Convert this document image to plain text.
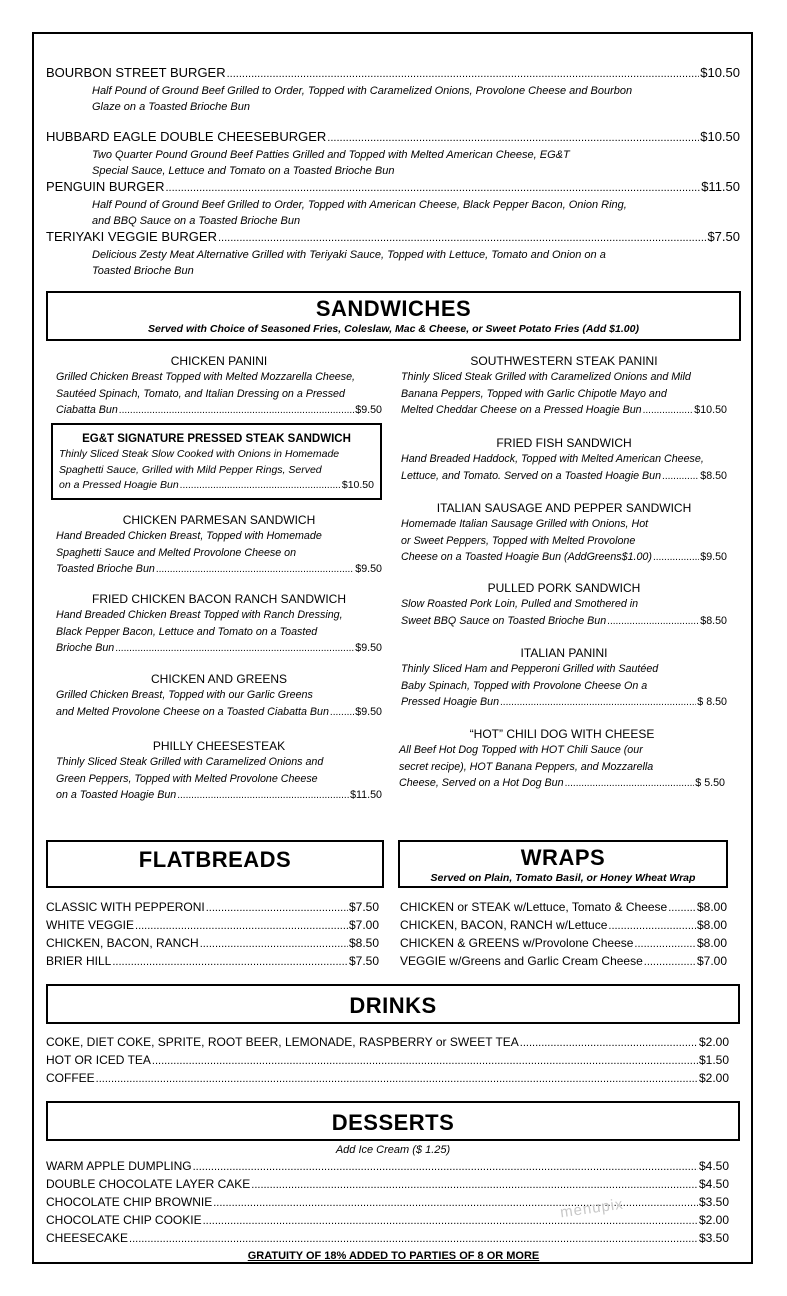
BOURBON STREET BURGER .....	$10.50
Half Pound of Ground Beef Grilled to Order, Topped with Caramelized Onions, Provolone Cheese and Bourbon
Glaze on a Toasted Brioche Bun
HUBBARD EAGLE DOUBLE CHEESEBURGER .....	$10.50
Two Quarter Pound Ground Beef Patties Grilled and Topped with Melted American Cheese, EG&T
Special Sauce, Lettuce and Tomato on a Toasted Brioche Bun
PENGUIN BURGER .....	$11.50
Half Pound of Ground Beef Grilled to Order, Topped with American Cheese, Black Pepper Bacon, Onion Ring,
and BBQ Sauce on a Toasted Brioche Bun
TERIYAKI VEGGIE BURGER .....	$7.50
Delicious Zesty Meat Alternative Grilled with Teriyaki Sauce, Topped with Lettuce, Tomato and Onion on a
Toasted Brioche Bun
SANDWICHES
Served with Choice of Seasoned Fries, Coleslaw, Mac & Cheese, or Sweet Potato Fries (Add $1.00)
CHICKEN PANINI
Grilled Chicken Breast Topped with Melted Mozzarella Cheese,
Sautéed Spinach, Tomato, and Italian Dressing on a Pressed
Ciabatta Bun .....	$9.50
EG&T SIGNATURE PRESSED STEAK SANDWICH
Thinly Sliced Steak Slow Cooked with Onions in Homemade
Spaghetti Sauce, Grilled with Mild Pepper Rings, Served
on a Pressed Hoagie Bun .....	$10.50
CHICKEN PARMESAN SANDWICH
Hand Breaded Chicken Breast, Topped with Homemade
Spaghetti Sauce and Melted Provolone Cheese on
Toasted Brioche Bun .....	$9.50
FRIED CHICKEN BACON RANCH SANDWICH
Hand Breaded Chicken Breast Topped with Ranch Dressing,
Black Pepper Bacon, Lettuce and Tomato on a Toasted
Brioche Bun .....	$9.50
CHICKEN AND GREENS
Grilled Chicken Breast, Topped with our Garlic Greens
and Melted Provolone Cheese on a Toasted Ciabatta Bun ..... $9.50
PHILLY CHEESESTEAK
Thinly Sliced Steak Grilled with Caramelized Onions and
Green Peppers, Topped with Melted Provolone Cheese
on a Toasted Hoagie Bun .....	$11.50
SOUTHWESTERN STEAK PANINI
Thinly Sliced Steak Grilled with Caramelized Onions and Mild
Banana Peppers, Topped with Garlic Chipotle Mayo and
Melted Cheddar Cheese on a Pressed Hoagie Bun .....	$10.50
FRIED FISH SANDWICH
Hand Breaded Haddock, Topped with Melted American Cheese,
Lettuce, and Tomato. Served on a Toasted Hoagie Bun .....	$8.50
ITALIAN SAUSAGE AND PEPPER SANDWICH
Homemade Italian Sausage Grilled with Onions, Hot
or Sweet Peppers, Topped with Melted Provolone
Cheese on a Toasted Hoagie Bun (AddGreens$1.00) .....	$9.50
PULLED PORK SANDWICH
Slow Roasted Pork Loin, Pulled and Smothered in
Sweet BBQ Sauce on Toasted Brioche Bun .....	$8.50
ITALIAN PANINI
Thinly Sliced Ham and Pepperoni Grilled with Sautéed
Baby Spinach, Topped with Provolone Cheese On a
Pressed Hoagie Bun .....	$ 8.50
“HOT” CHILI DOG WITH CHEESE
All Beef Hot Dog Topped with HOT Chili Sauce (our
secret recipe), HOT Banana Peppers, and Mozzarella
Cheese, Served on a Hot Dog Bun .....	$ 5.50
FLATBREADS
CLASSIC WITH PEPPERONI .....	$7.50
WHITE VEGGIE .....	$7.00
CHICKEN, BACON, RANCH .....	$8.50
BRIER HILL .....	$7.50
WRAPS
Served on Plain, Tomato Basil, or Honey Wheat Wrap
CHICKEN or STEAK w/Lettuce, Tomato & Cheese ..... $8.00
CHICKEN, BACON, RANCH w/Lettuce .....	$8.00
CHICKEN & GREENS w/Provolone Cheese .....	$8.00
VEGGIE w/Greens and Garlic Cream Cheese .....	$7.00
DRINKS
COKE, DIET COKE, SPRITE, ROOT BEER, LEMONADE, RASPBERRY or SWEET TEA .....	$2.00
HOT OR ICED TEA .....	$1.50
COFFEE .....	$2.00
DESSERTS
Add Ice Cream ($ 1.25)
WARM APPLE DUMPLING .....	$4.50
DOUBLE CHOCOLATE LAYER CAKE .....	$4.50
CHOCOLATE CHIP BROWNIE .....	$3.50
CHOCOLATE CHIP COOKIE .....	$2.00
CHEESECAKE .....	$3.50
menupix
GRATUITY OF 18% ADDED TO PARTIES OF 8 OR MORE
